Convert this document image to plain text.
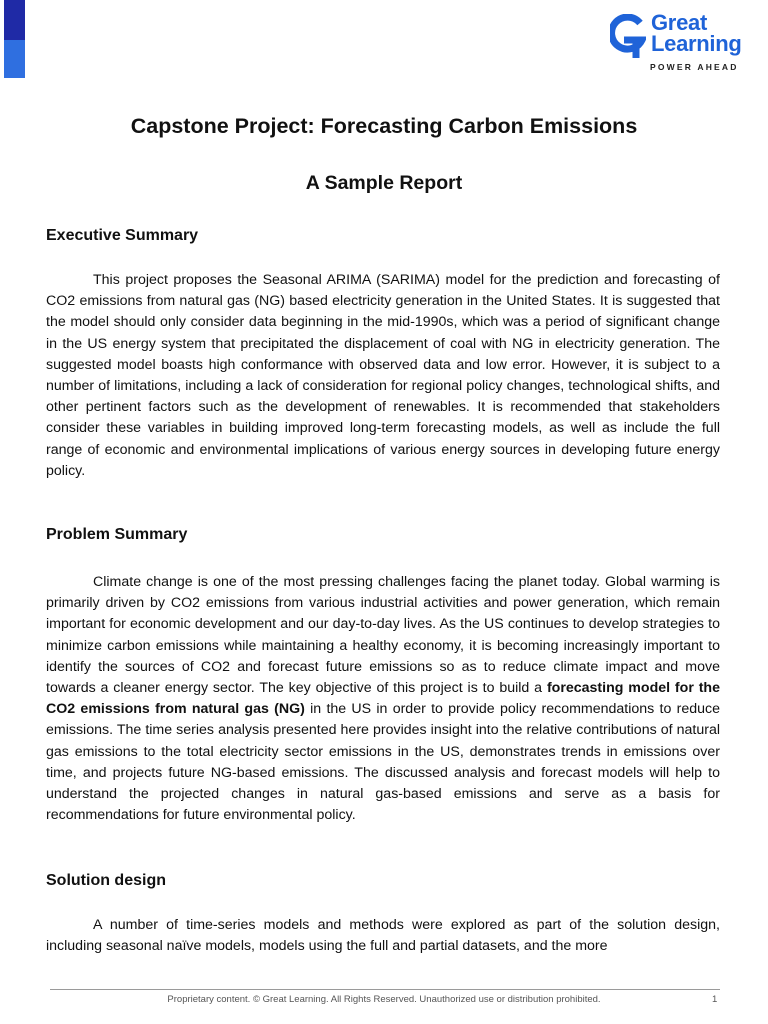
Great
Learning
POWER AHEAD
Capstone Project: Forecasting Carbon Emissions
A Sample Report
Executive Summary

This project proposes the Seasonal ARIMA (SARIMA) model for the prediction and forecasting of CO2 emissions from natural gas (NG) based electricity generation in the United States. It is suggested that the model should only consider data beginning in the mid-1990s, which was a period of significant change in the US energy system that precipitated the displacement of coal with NG in electricity generation. The suggested model boasts high conformance with observed data and low error. However, it is subject to a number of limitations, including a lack of consideration for regional policy changes, technological shifts, and other pertinent factors such as the development of renewables. It is recommended that stakeholders consider these variables in building improved long-term forecasting models, as well as include the full range of economic and environmental implications of various energy sources in developing future energy policy.

Problem Summary

Climate change is one of the most pressing challenges facing the planet today. Global warming is primarily driven by CO2 emissions from various industrial activities and power generation, which remain important for economic development and our day-to-day lives. As the US continues to develop strategies to minimize carbon emissions while maintaining a healthy economy, it is becoming increasingly important to identify the sources of CO2 and forecast future emissions so as to reduce climate impact and move towards a cleaner energy sector. The key objective of this project is to build a forecasting model for the CO2 emissions from natural gas (NG) in the US in order to provide policy recommendations to reduce emissions. The time series analysis presented here provides insight into the relative contributions of natural gas emissions to the total electricity sector emissions in the US, demonstrates trends in emissions over time, and projects future NG-based emissions. The discussed analysis and forecast models will help to understand the projected changes in natural gas-based emissions and serve as a basis for recommendations for future environmental policy.

Solution design

A number of time-series models and methods were explored as part of the solution design, including seasonal naïve models, models using the full and partial datasets, and the more

Proprietary content. © Great Learning. All Rights Reserved. Unauthorized use or distribution prohibited.	1
